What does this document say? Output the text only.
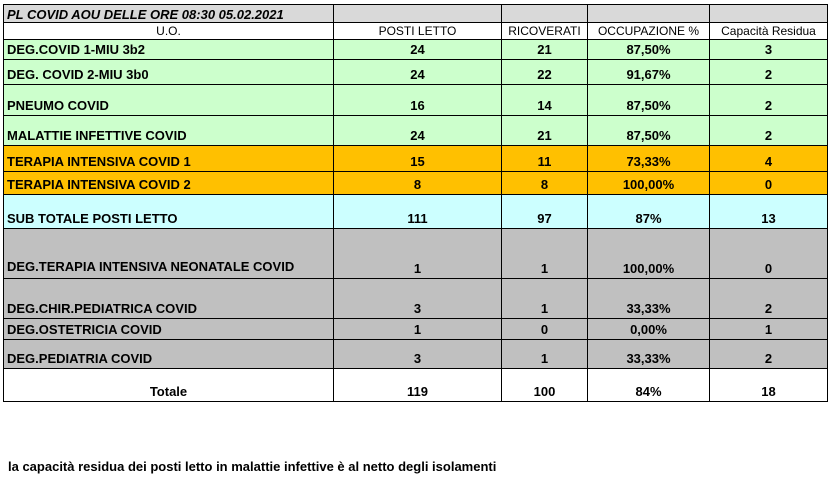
PL COVID AOU DELLE ORE 08:30 05.02.2021				
U.O.	POSTI LETTO	RICOVERATI	OCCUPAZIONE %	Capacità Residua
DEG.COVID 1-MIU 3b2	24	21	87,50%	3
DEG. COVID 2-MIU 3b0	24	22	91,67%	2
PNEUMO COVID	16	14	87,50%	2
MALATTIE INFETTIVE COVID	24	21	87,50%	2
TERAPIA INTENSIVA COVID 1	15	11	73,33%	4
TERAPIA INTENSIVA COVID 2	8	8	100,00%	0
SUB TOTALE POSTI LETTO	111	97	87%	13
DEG.TERAPIA INTENSIVA NEONATALE COVID	1	1	100,00%	0
DEG.CHIR.PEDIATRICA COVID	3	1	33,33%	2
DEG.OSTETRICIA COVID	1	0	0,00%	1
DEG.PEDIATRIA COVID	3	1	33,33%	2
Totale	119	100	84%	18
la capacità residua dei posti letto in malattie infettive è al netto degli isolamenti
